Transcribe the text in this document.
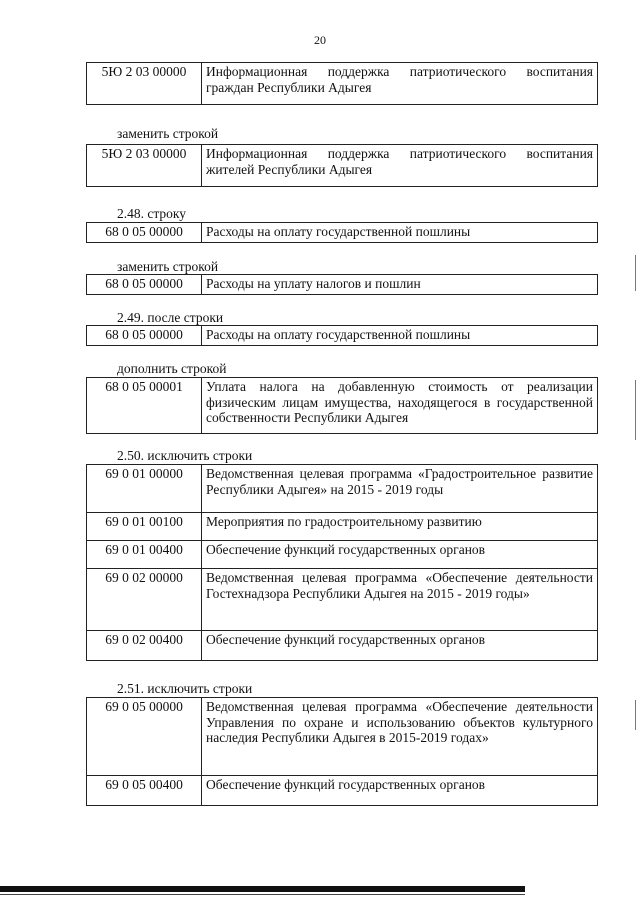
20
5Ю 2 03 00000	Информационная поддержка патриотического воспитания граждан Республики Адыгея
заменить строкой
5Ю 2 03 00000	Информационная поддержка патриотического воспитания жителей Республики Адыгея
2.48. строку
68 0 05 00000	Расходы на оплату государственной пошлины
заменить строкой
68 0 05 00000	Расходы на уплату налогов и пошлин
2.49. после строки
68 0 05 00000	Расходы на оплату государственной пошлины
дополнить строкой
68 0 05 00001	Уплата налога на добавленную стоимость от реализации физическим лицам имущества, находящегося в государственной собственности Республики Адыгея
2.50. исключить строки
69 0 01 00000	Ведомственная целевая программа «Градостроительное развитие Республики Адыгея» на 2015 - 2019 годы
69 0 01 00100	Мероприятия по градостроительному развитию
69 0 01 00400	Обеспечение функций государственных органов
69 0 02 00000	Ведомственная целевая программа «Обеспечение деятельности Гостехнадзора Республики Адыгея на 2015 - 2019 годы»
69 0 02 00400	Обеспечение функций государственных органов
2.51. исключить строки
69 0 05 00000	Ведомственная целевая программа «Обеспечение деятельности Управления по охране и использованию объектов культурного наследия Республики Адыгея в 2015-2019 годах»
69 0 05 00400	Обеспечение функций государственных органов
